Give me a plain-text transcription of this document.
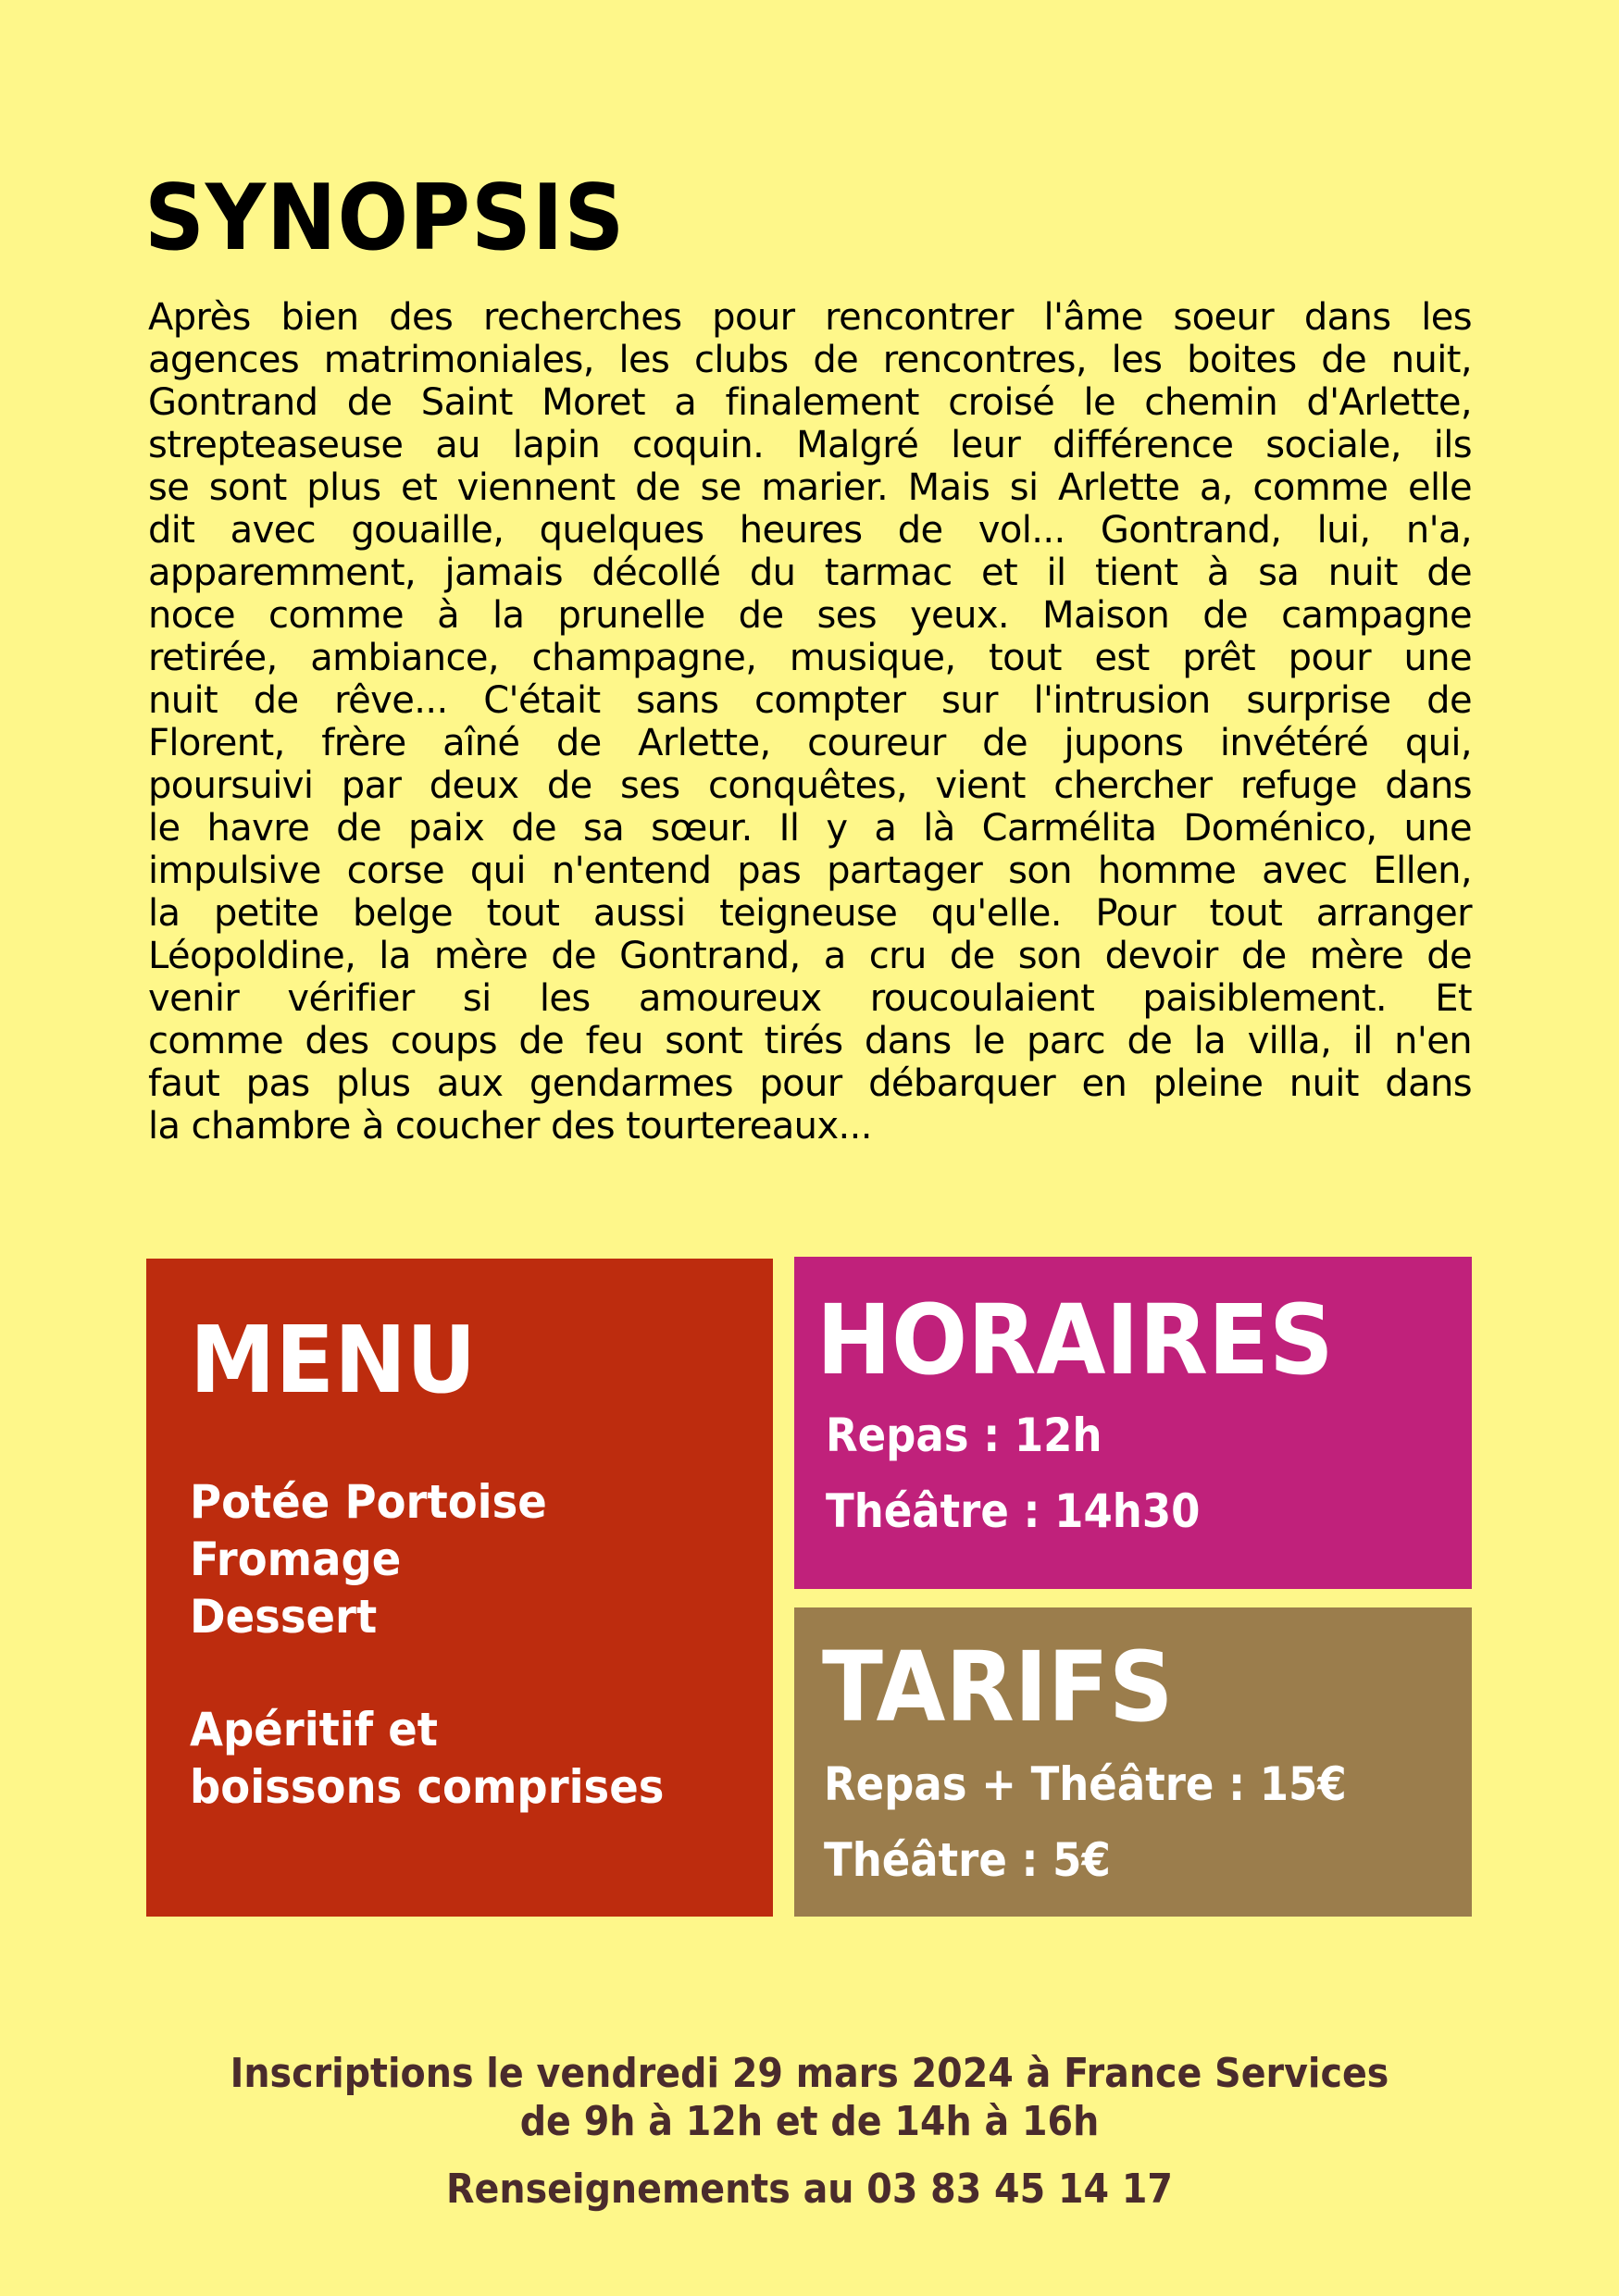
SYNOPSIS
Après bien des recherches pour rencontrer l'âme soeur dans les
agences matrimoniales, les clubs de rencontres, les boites de nuit,
Gontrand de Saint Moret a finalement croisé le chemin d'Arlette,
strepteaseuse au lapin coquin. Malgré leur différence sociale, ils
se sont plus et viennent de se marier. Mais si Arlette a, comme elle
dit avec gouaille, quelques heures de vol... Gontrand, lui, n'a,
apparemment, jamais décollé du tarmac et il tient à sa nuit de
noce comme à la prunelle de ses yeux. Maison de campagne
retirée, ambiance, champagne, musique, tout est prêt pour une
nuit de rêve... C'était sans compter sur l'intrusion surprise de
Florent, frère aîné de Arlette, coureur de jupons invétéré qui,
poursuivi par deux de ses conquêtes, vient chercher refuge dans
le havre de paix de sa sœur. Il y a là Carmélita Doménico, une
impulsive corse qui n'entend pas partager son homme avec Ellen,
la petite belge tout aussi teigneuse qu'elle. Pour tout arranger
Léopoldine, la mère de Gontrand, a cru de son devoir de mère de
venir vérifier si les amoureux roucoulaient paisiblement. Et
comme des coups de feu sont tirés dans le parc de la villa, il n'en
faut pas plus aux gendarmes pour débarquer en pleine nuit dans
la chambre à coucher des tourtereaux...
MENU
Potée Portoise
Fromage
Dessert
Apéritif et
boissons comprises
HORAIRES
Repas : 12h
Théâtre : 14h30
TARIFS
Repas + Théâtre : 15€
Théâtre : 5€
Inscriptions le vendredi 29 mars 2024 à France Services
de 9h à 12h et de 14h à 16h
Renseignements au 03 83 45 14 17
